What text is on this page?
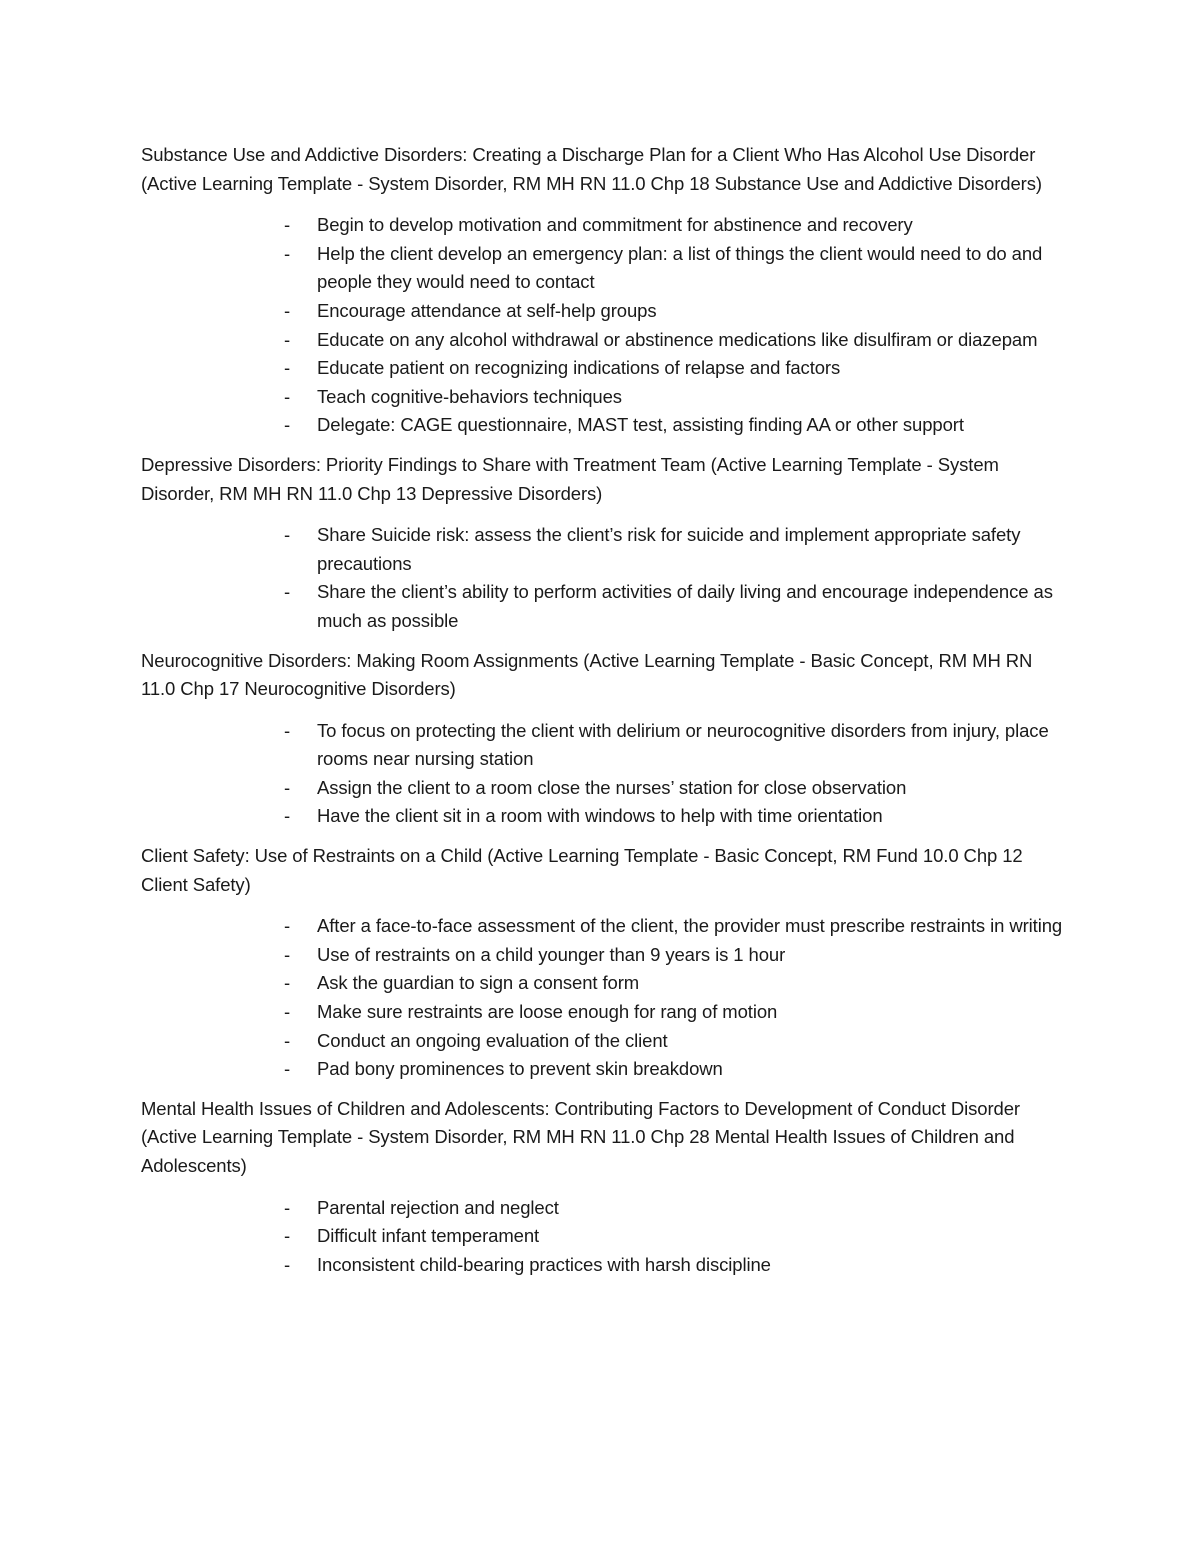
Substance Use and Addictive Disorders: Creating a Discharge Plan for a Client Who Has Alcohol Use Disorder (Active Learning Template - System Disorder, RM MH RN 11.0 Chp 18 Substance Use and Addictive Disorders)

- Begin to develop motivation and commitment for abstinence and recovery
- Help the client develop an emergency plan: a list of things the client would need to do and people they would need to contact
- Encourage attendance at self-help groups
- Educate on any alcohol withdrawal or abstinence medications like disulfiram or diazepam
- Educate patient on recognizing indications of relapse and factors
- Teach cognitive-behaviors techniques
- Delegate: CAGE questionnaire, MAST test, assisting finding AA or other support

Depressive Disorders: Priority Findings to Share with Treatment Team (Active Learning Template - System Disorder, RM MH RN 11.0 Chp 13 Depressive Disorders)

- Share Suicide risk: assess the client’s risk for suicide and implement appropriate safety precautions
- Share the client’s ability to perform activities of daily living and encourage independence as much as possible

Neurocognitive Disorders: Making Room Assignments (Active Learning Template - Basic Concept, RM MH RN 11.0 Chp 17 Neurocognitive Disorders)

- To focus on protecting the client with delirium or neurocognitive disorders from injury, place rooms near nursing station
- Assign the client to a room close the nurses’ station for close observation
- Have the client sit in a room with windows to help with time orientation

Client Safety: Use of Restraints on a Child (Active Learning Template - Basic Concept, RM Fund 10.0 Chp 12 Client Safety)

- After a face-to-face assessment of the client, the provider must prescribe restraints in writing
- Use of restraints on a child younger than 9 years is 1 hour
- Ask the guardian to sign a consent form
- Make sure restraints are loose enough for rang of motion
- Conduct an ongoing evaluation of the client
- Pad bony prominences to prevent skin breakdown

Mental Health Issues of Children and Adolescents: Contributing Factors to Development of Conduct Disorder (Active Learning Template - System Disorder, RM MH RN 11.0 Chp 28 Mental Health Issues of Children and Adolescents)

- Parental rejection and neglect
- Difficult infant temperament
- Inconsistent child-bearing practices with harsh discipline
